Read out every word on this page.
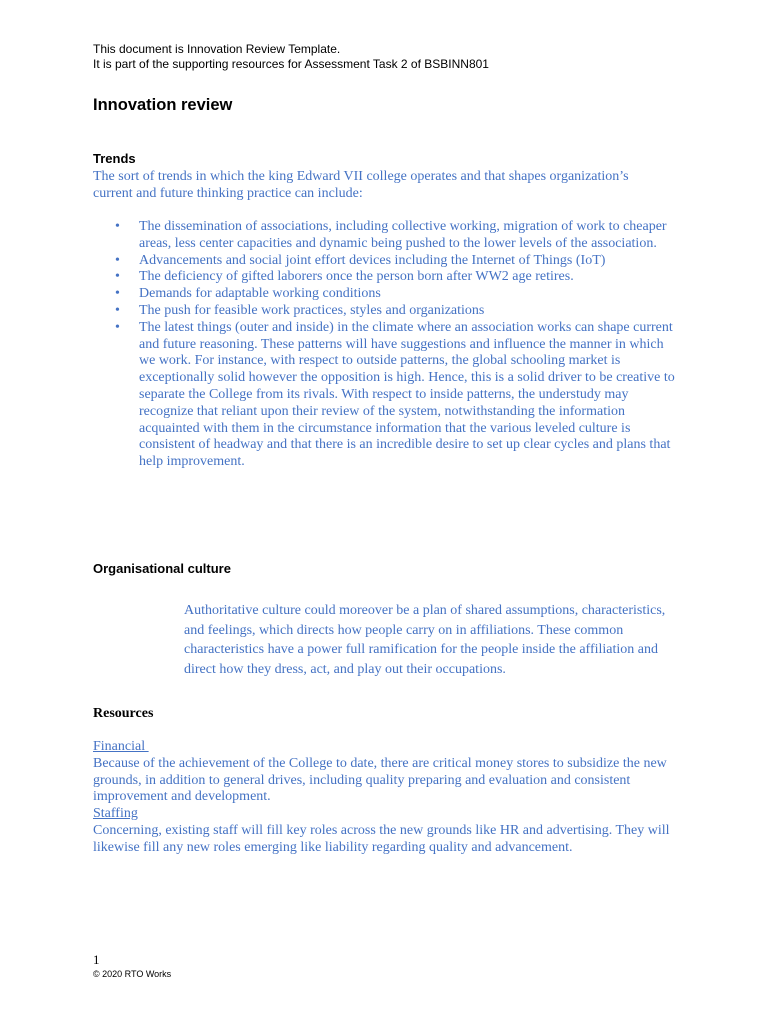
This document is Innovation Review Template.
It is part of the supporting resources for Assessment Task 2 of BSBINN801
Innovation review
Trends

The sort of trends in which the king Edward VII college operates and that shapes organization’s current and future thinking practice can include:

• The dissemination of associations, including collective working, migration of work to cheaper        areas, less center capacities and dynamic being pushed to the lower levels of the association.
• Advancements and social joint effort devices including the Internet of Things (IoT)
• The deficiency of gifted laborers once the person born after WW2 age retires.
• Demands for adaptable working conditions
• The push for feasible work practices, styles and organizations
• The latest things (outer and inside) in the climate where an association works can shape current and future reasoning. These patterns will have suggestions and influence the manner in which we work. For instance, with respect to outside patterns, the global schooling market is exceptionally solid however the opposition is high. Hence, this is a solid driver to be creative to separate the College from its rivals. With respect to inside patterns, the understudy may recognize that reliant upon their review of the system, notwithstanding the information acquainted with them in the circumstance information that the various leveled culture is consistent of headway and that there is an incredible desire to set up clear cycles and plans that help improvement.
Organisational culture

Authoritative culture could moreover be a plan of shared assumptions, characteristics, and feelings, which directs how people carry on in affiliations. These common characteristics have a power full ramification for the people inside the affiliation and direct how they dress, act, and play out their occupations.

Resources
Financial

Because of the achievement of the College to date, there are critical money stores to subsidize the new grounds, in addition to general drives, including quality preparing and evaluation and consistent improvement and development.

Staffing

Concerning, existing staff will fill key roles across the new grounds like HR and advertising. They will likewise fill any new roles emerging like liability regarding quality and advancement.

1
© 2020 RTO Works
